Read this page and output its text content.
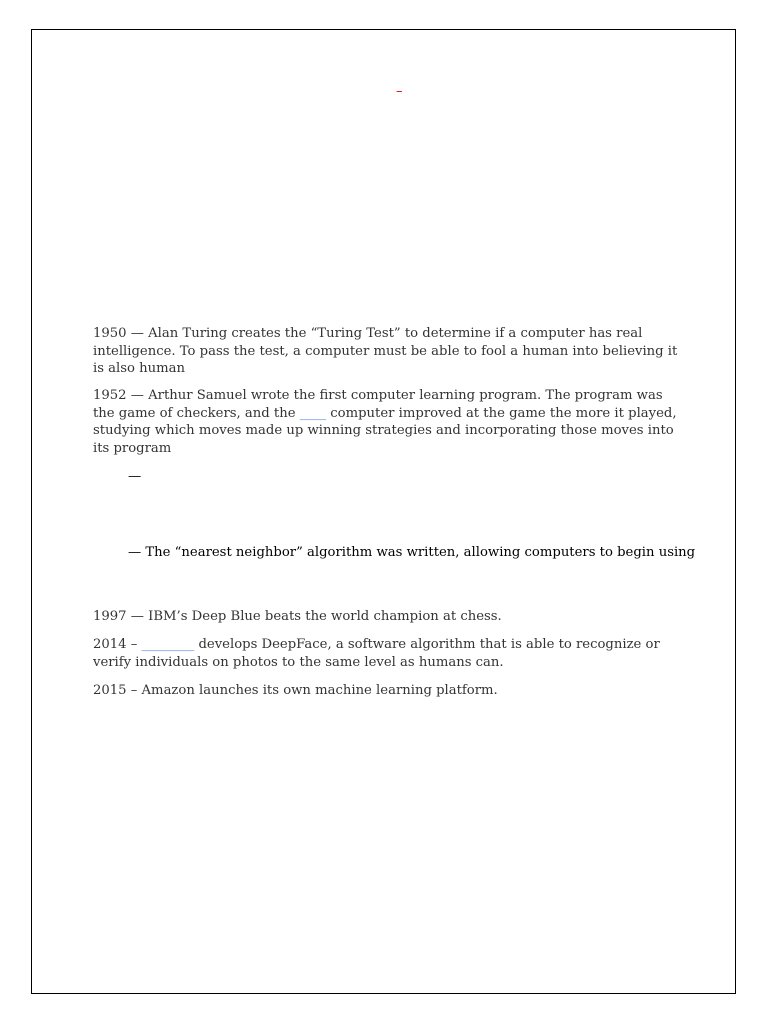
–

1950 — Alan Turing creates the “Turing Test” to determine if a computer has real intelligence. To pass the test, a computer must be able to fool a human into believing it is also human

1952 — Arthur Samuel wrote the first computer learning program. The program was the game of checkers, and the ____ computer improved at the game the more it played, studying which moves made up winning strategies and incorporating those moves into its program

—
— The “nearest neighbor” algorithm was written, allowing computers to begin using

1997 — IBM’s Deep Blue beats the world champion at chess.

2014 – ________ develops DeepFace, a software algorithm that is able to recognize or verify individuals on photos to the same level as humans can.

2015 – Amazon launches its own machine learning platform.
